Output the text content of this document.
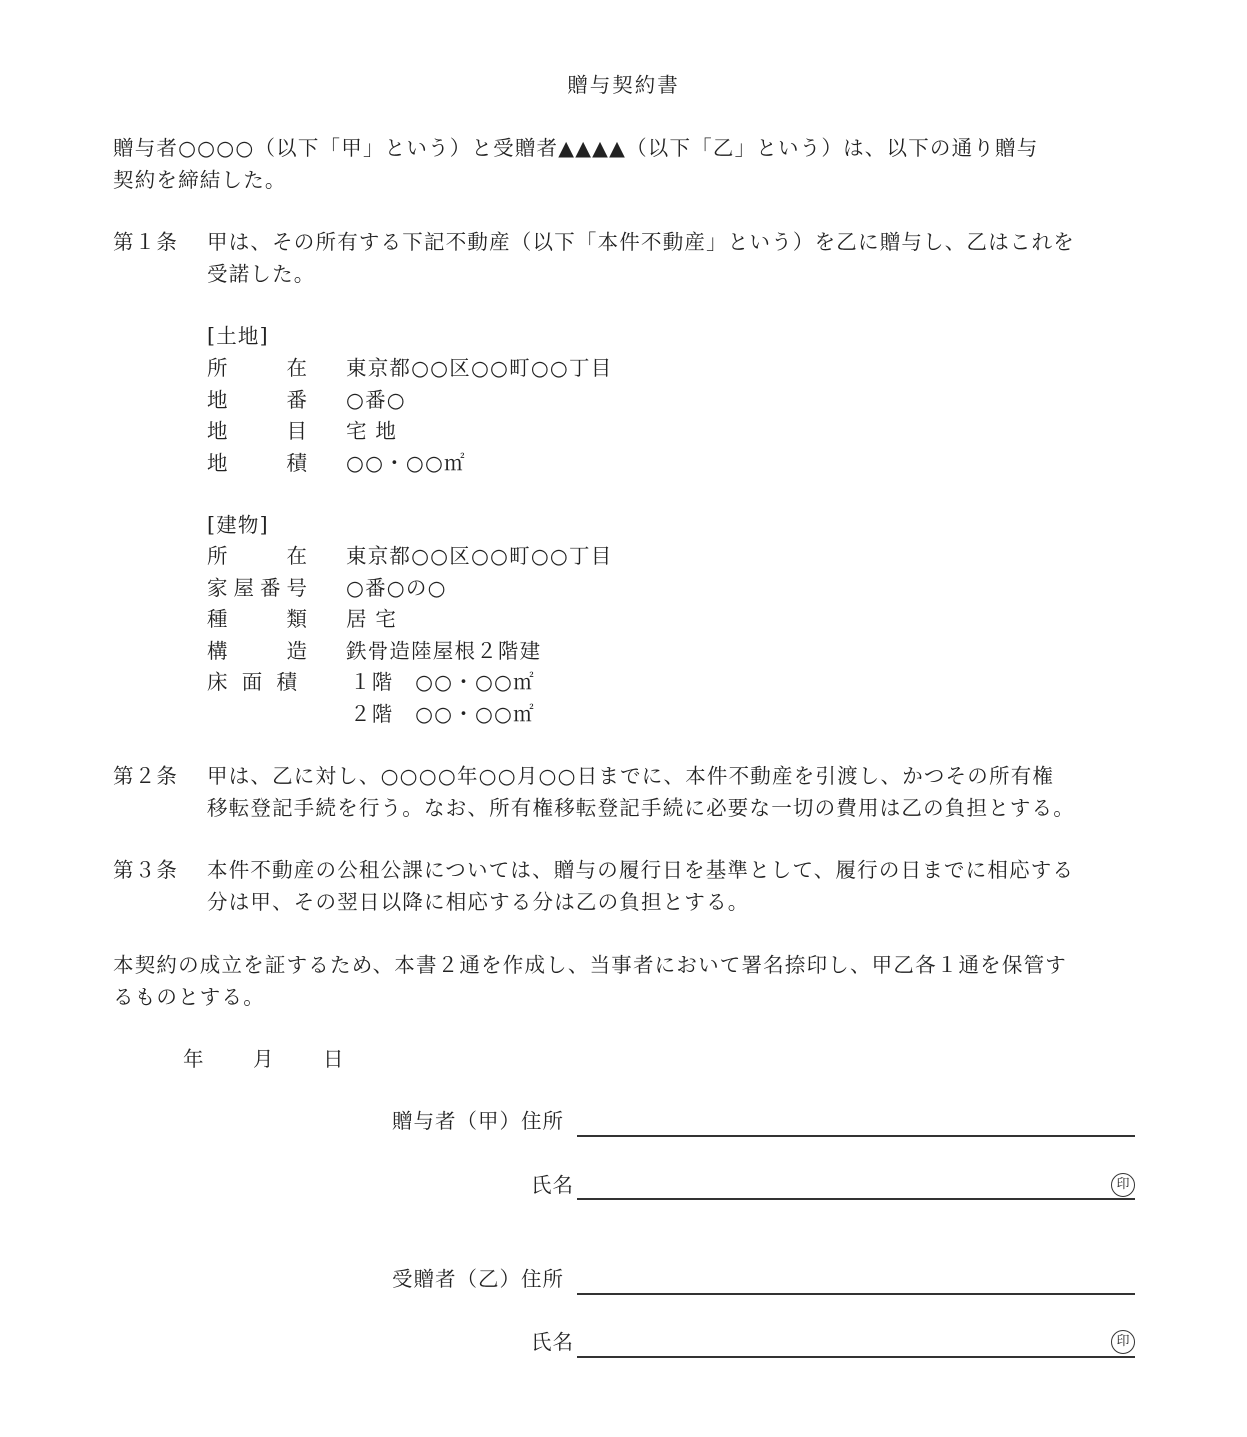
贈与契約書
贈与者○○○○（以下「甲」という）と受贈者▲▲▲▲（以下「乙」という）は、以下の通り贈与
契約を締結した。
第１条 甲は、その所有する下記不動産（以下「本件不動産」という）を乙に贈与し、乙はこれを
受諾した。
[土地]
所在 東京都○○区○○町○○丁目
地番 ○番○
地目 宅 地
地積 ○○・○○㎡
[建物]
所在 東京都○○区○○町○○丁目
家屋番号 ○番○の○
種類 居 宅
構造 鉄骨造陸屋根２階建
床面積	１階　○○・○○㎡
２階　○○・○○㎡
第２条 甲は、乙に対し、○○○○年○○月○○日までに、本件不動産を引渡し、かつその所有権
移転登記手続を行う。なお、所有権移転登記手続に必要な一切の費用は乙の負担とする。
第３条 本件不動産の公租公課については、贈与の履行日を基準として、履行の日までに相応する
分は甲、その翌日以降に相応する分は乙の負担とする。
本契約の成立を証するため、本書２通を作成し、当事者において署名捺印し、甲乙各１通を保管す
るものとする。
年 月 日
贈与者（甲）住所
氏名	印
受贈者（乙）住所
氏名	印
